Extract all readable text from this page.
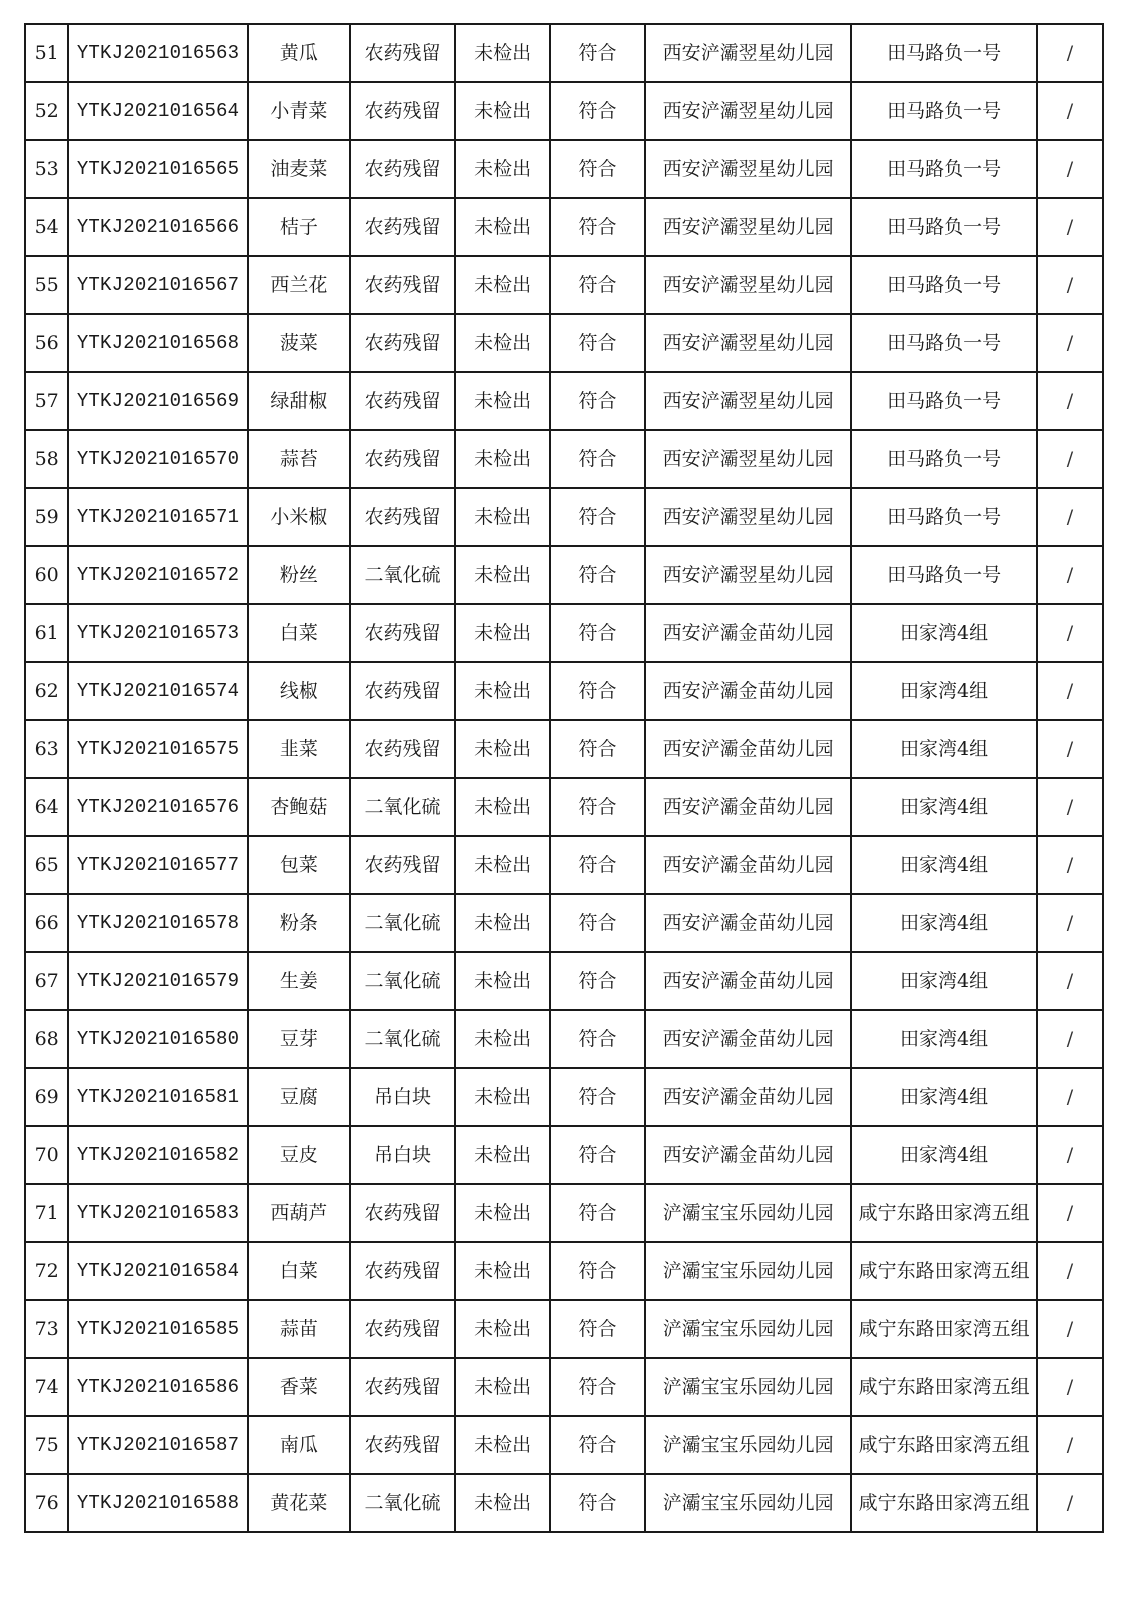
51	YTKJ2021016563	黄瓜	农药残留	未检出	符合	西安浐灞翌星幼儿园	田马路负一号	/
52	YTKJ2021016564	小青菜	农药残留	未检出	符合	西安浐灞翌星幼儿园	田马路负一号	/
53	YTKJ2021016565	油麦菜	农药残留	未检出	符合	西安浐灞翌星幼儿园	田马路负一号	/
54	YTKJ2021016566	桔子	农药残留	未检出	符合	西安浐灞翌星幼儿园	田马路负一号	/
55	YTKJ2021016567	西兰花	农药残留	未检出	符合	西安浐灞翌星幼儿园	田马路负一号	/
56	YTKJ2021016568	菠菜	农药残留	未检出	符合	西安浐灞翌星幼儿园	田马路负一号	/
57	YTKJ2021016569	绿甜椒	农药残留	未检出	符合	西安浐灞翌星幼儿园	田马路负一号	/
58	YTKJ2021016570	蒜苔	农药残留	未检出	符合	西安浐灞翌星幼儿园	田马路负一号	/
59	YTKJ2021016571	小米椒	农药残留	未检出	符合	西安浐灞翌星幼儿园	田马路负一号	/
60	YTKJ2021016572	粉丝	二氧化硫	未检出	符合	西安浐灞翌星幼儿园	田马路负一号	/
61	YTKJ2021016573	白菜	农药残留	未检出	符合	西安浐灞金苗幼儿园	田家湾4组	/
62	YTKJ2021016574	线椒	农药残留	未检出	符合	西安浐灞金苗幼儿园	田家湾4组	/
63	YTKJ2021016575	韭菜	农药残留	未检出	符合	西安浐灞金苗幼儿园	田家湾4组	/
64	YTKJ2021016576	杏鲍菇	二氧化硫	未检出	符合	西安浐灞金苗幼儿园	田家湾4组	/
65	YTKJ2021016577	包菜	农药残留	未检出	符合	西安浐灞金苗幼儿园	田家湾4组	/
66	YTKJ2021016578	粉条	二氧化硫	未检出	符合	西安浐灞金苗幼儿园	田家湾4组	/
67	YTKJ2021016579	生姜	二氧化硫	未检出	符合	西安浐灞金苗幼儿园	田家湾4组	/
68	YTKJ2021016580	豆芽	二氧化硫	未检出	符合	西安浐灞金苗幼儿园	田家湾4组	/
69	YTKJ2021016581	豆腐	吊白块	未检出	符合	西安浐灞金苗幼儿园	田家湾4组	/
70	YTKJ2021016582	豆皮	吊白块	未检出	符合	西安浐灞金苗幼儿园	田家湾4组	/
71	YTKJ2021016583	西葫芦	农药残留	未检出	符合	浐灞宝宝乐园幼儿园	咸宁东路田家湾五组	/
72	YTKJ2021016584	白菜	农药残留	未检出	符合	浐灞宝宝乐园幼儿园	咸宁东路田家湾五组	/
73	YTKJ2021016585	蒜苗	农药残留	未检出	符合	浐灞宝宝乐园幼儿园	咸宁东路田家湾五组	/
74	YTKJ2021016586	香菜	农药残留	未检出	符合	浐灞宝宝乐园幼儿园	咸宁东路田家湾五组	/
75	YTKJ2021016587	南瓜	农药残留	未检出	符合	浐灞宝宝乐园幼儿园	咸宁东路田家湾五组	/
76	YTKJ2021016588	黄花菜	二氧化硫	未检出	符合	浐灞宝宝乐园幼儿园	咸宁东路田家湾五组	/
